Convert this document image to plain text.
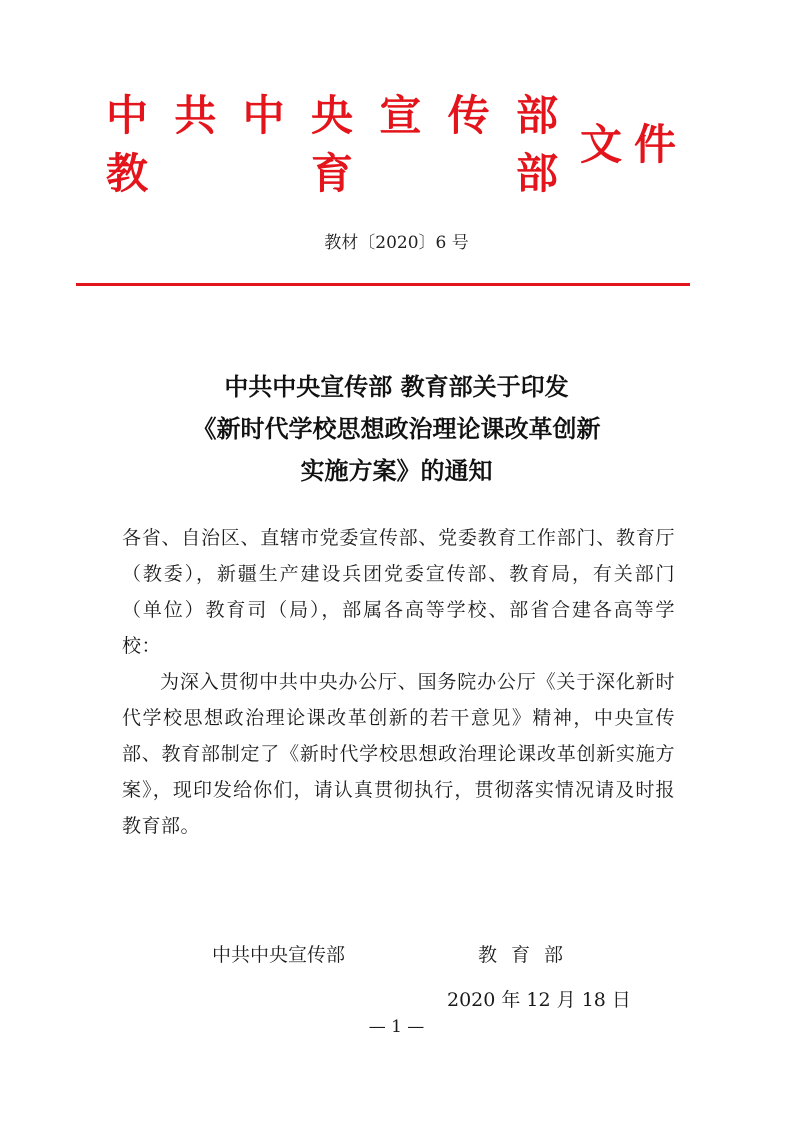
中 共 中 央 宣 传 部
教	育	部
文件
教材〔2020〕6 号
中共中央宣传部 教育部关于印发
《新时代学校思想政治理论课改革创新
实施方案》的通知

各省、自治区、直辖市党委宣传部、党委教育工作部门、教育厅（教委），新疆生产建设兵团党委宣传部、教育局，有关部门（单位）教育司（局），部属各高等学校、部省合建各高等学校：

为深入贯彻中共中央办公厅、国务院办公厅《关于深化新时代学校思想政治理论课改革创新的若干意见》精神，中央宣传部、教育部制定了《新时代学校思想政治理论课改革创新实施方案》，现印发给你们，请认真贯彻执行，贯彻落实情况请及时报教育部。

中共中央宣传部	教育部
2020 年 12 月 18 日
— 1 —
